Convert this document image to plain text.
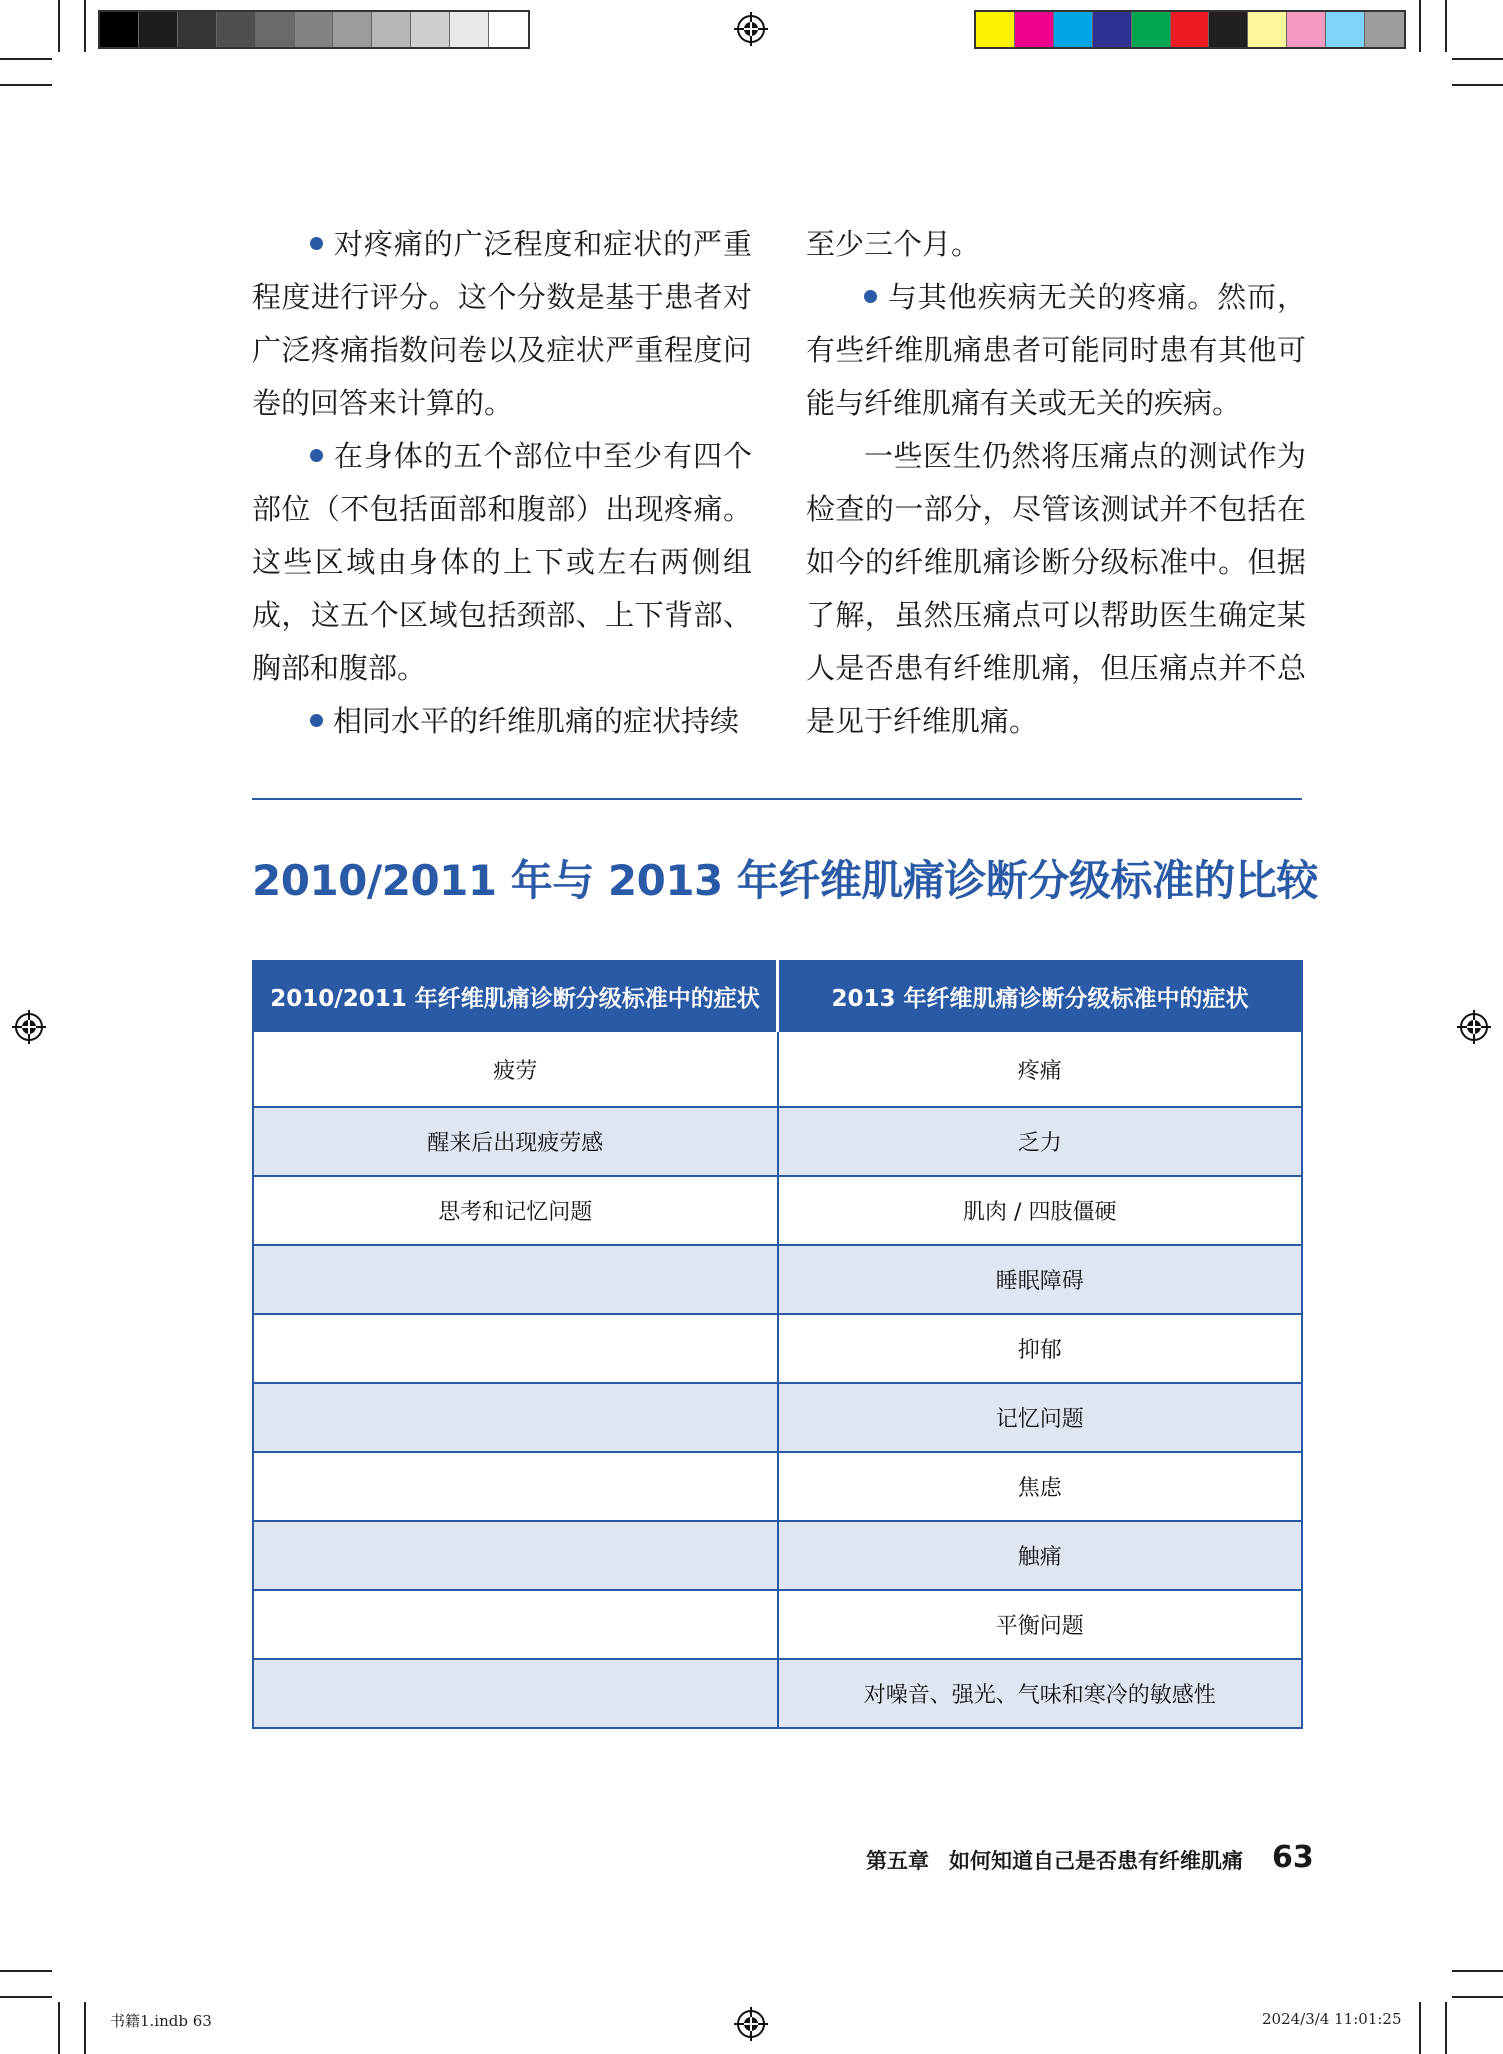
对疼痛的广泛程度和症状的严重程度进行评分。这个分数是基于患者对广泛疼痛指数问卷以及症状严重程度问卷的回答来计算的。

在身体的五个部位中至少有四个部位（不包括面部和腹部）出现疼痛。这些区域由身体的上下或左右两侧组成，这五个区域包括颈部、上下背部、胸部和腹部。

相同水平的纤维肌痛的症状持续

至少三个月。

与其他疾病无关的疼痛。然而，有些纤维肌痛患者可能同时患有其他可能与纤维肌痛有关或无关的疾病。

一些医生仍然将压痛点的测试作为检查的一部分，尽管该测试并不包括在如今的纤维肌痛诊断分级标准中。但据了解，虽然压痛点可以帮助医生确定某人是否患有纤维肌痛，但压痛点并不总是见于纤维肌痛。

2010/2011 年与 2013 年纤维肌痛诊断分级标准的比较
2010/2011 年纤维肌痛诊断分级标准中的症状	2013 年纤维肌痛诊断分级标准中的症状
疲劳	疼痛
醒来后出现疲劳感	乏力
思考和记忆问题	肌肉 / 四肢僵硬
	睡眠障碍
	抑郁
	记忆问题
	焦虑
	触痛
	平衡问题
	对噪音、强光、气味和寒冷的敏感性
第五章 如何知道自己是否患有纤维肌痛 63
书籍1.indb 63	2024/3/4 11:01:25
